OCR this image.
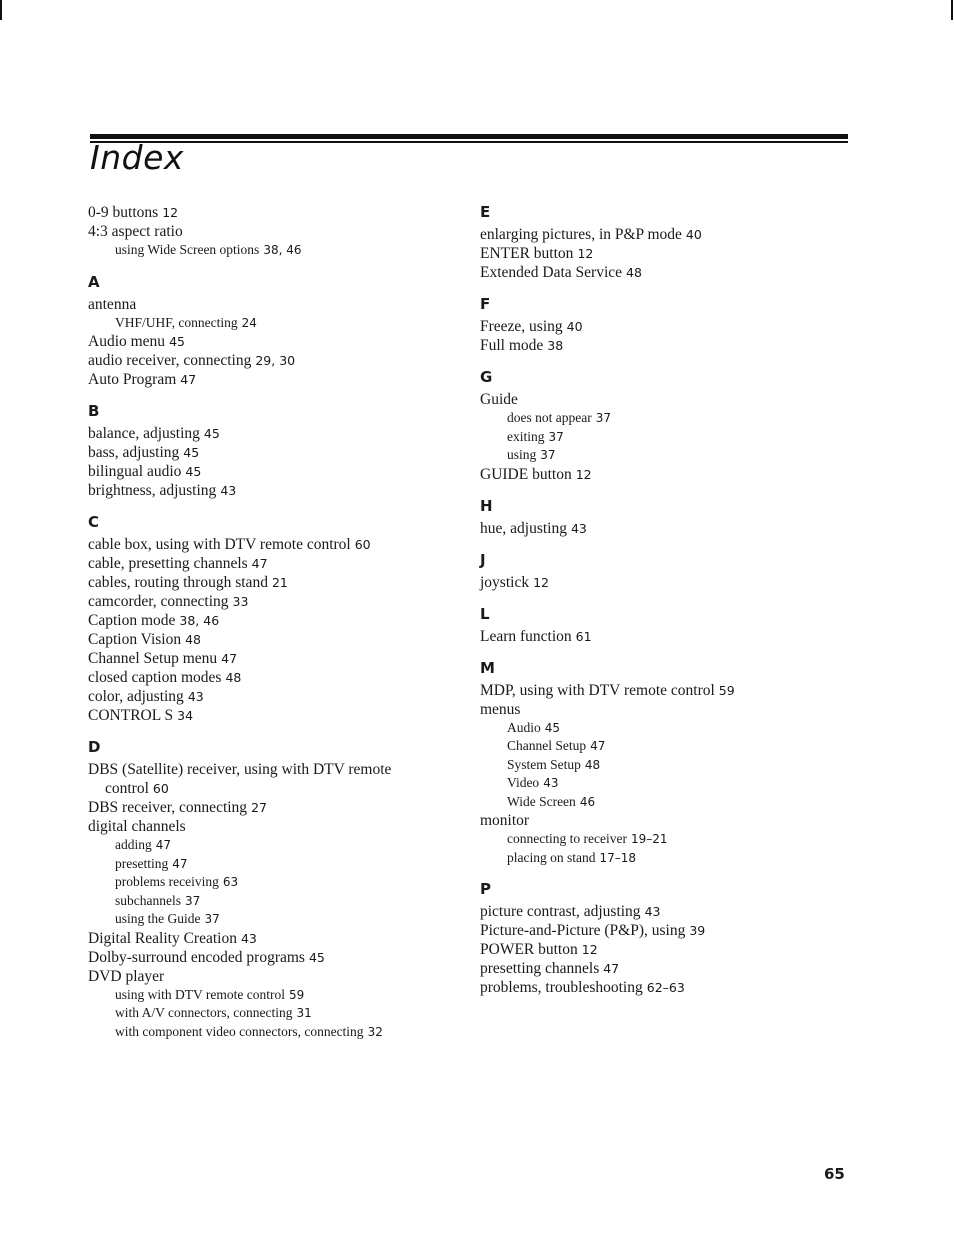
Index
0-9 buttons 12
4:3 aspect ratio
using Wide Screen options 38, 46
A
antenna
VHF/UHF, connecting 24
Audio menu 45
audio receiver, connecting 29, 30
Auto Program 47
B
balance, adjusting 45
bass, adjusting 45
bilingual audio 45
brightness, adjusting 43
C
cable box, using with DTV remote control 60
cable, presetting channels 47
cables, routing through stand 21
camcorder, connecting 33
Caption mode 38, 46
Caption Vision 48
Channel Setup menu 47
closed caption modes 48
color, adjusting 43
CONTROL S 34
D
DBS (Satellite) receiver, using with DTV remote
control 60
DBS receiver, connecting 27
digital channels
adding 47
presetting 47
problems receiving 63
subchannels 37
using the Guide 37
Digital Reality Creation 43
Dolby-surround encoded programs 45
DVD player
using with DTV remote control 59
with A/V connectors, connecting 31
with component video connectors, connecting 32
E
enlarging pictures, in P&P mode 40
ENTER button 12
Extended Data Service 48
F
Freeze, using 40
Full mode 38
G
Guide
does not appear 37
exiting 37
using 37
GUIDE button 12
H
hue, adjusting 43
J
joystick 12
L
Learn function 61
M
MDP, using with DTV remote control 59
menus
Audio 45
Channel Setup 47
System Setup 48
Video 43
Wide Screen 46
monitor
connecting to receiver 19–21
placing on stand 17–18
P
picture contrast, adjusting 43
Picture-and-Picture (P&P), using 39
POWER button 12
presetting channels 47
problems, troubleshooting 62–63
65
